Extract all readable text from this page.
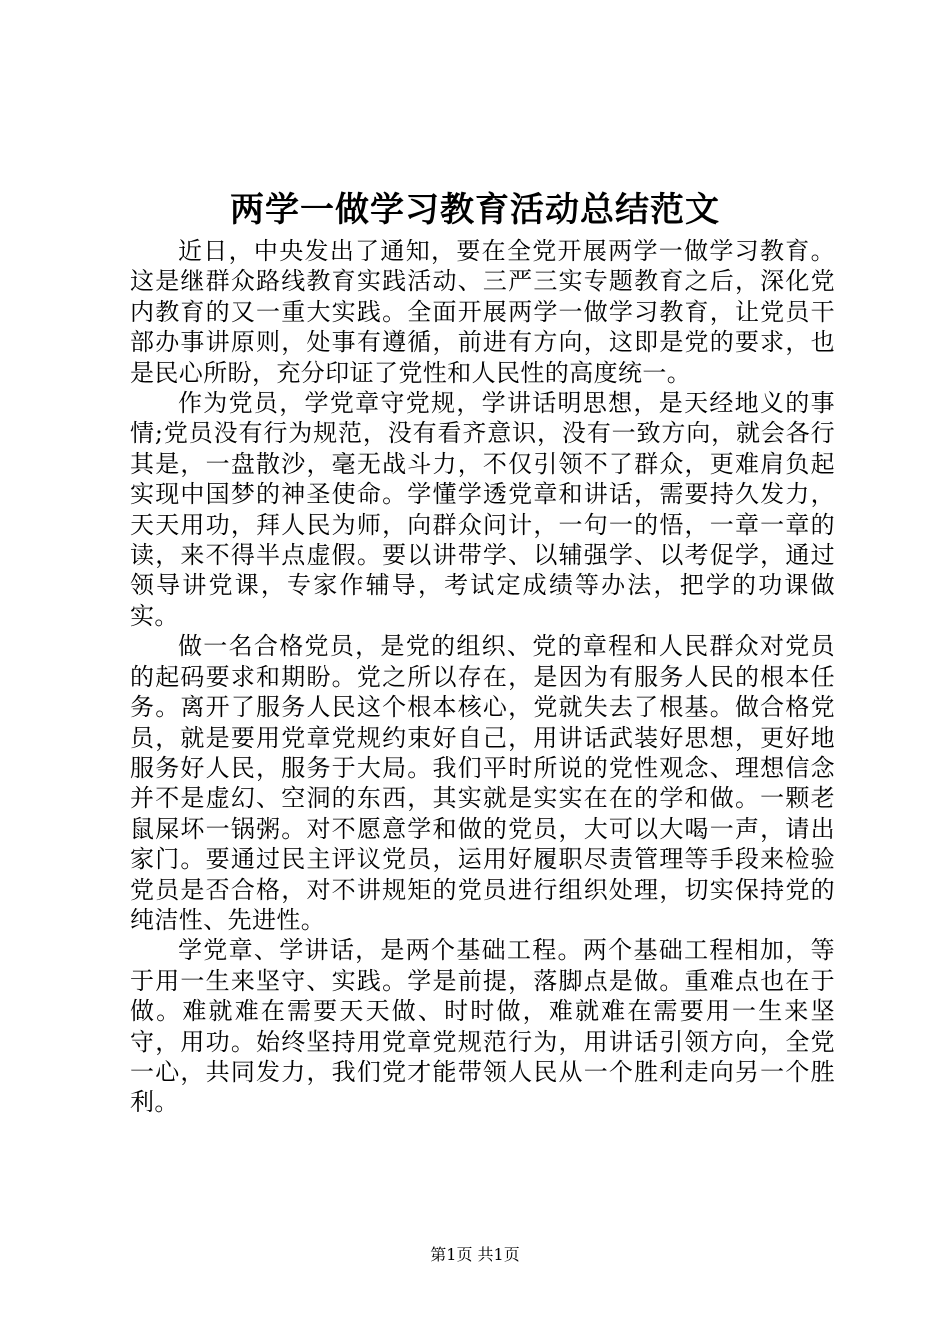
两学一做学习教育活动总结范文

近日，中央发出了通知，要在全党开展两学一做学习教育。这是继群众路线教育实践活动、三严三实专题教育之后，深化党内教育的又一重大实践。全面开展两学一做学习教育，让党员干部办事讲原则，处事有遵循，前进有方向，这即是党的要求，也是民心所盼，充分印证了党性和人民性的高度统一。

作为党员，学党章守党规，学讲话明思想，是天经地义的事情;党员没有行为规范，没有看齐意识，没有一致方向，就会各行其是，一盘散沙，毫无战斗力，不仅引领不了群众，更难肩负起实现中国梦的神圣使命。学懂学透党章和讲话，需要持久发力，天天用功，拜人民为师，向群众问计，一句一的悟，一章一章的读，来不得半点虚假。要以讲带学、以辅强学、以考促学，通过领导讲党课，专家作辅导，考试定成绩等办法，把学的功课做实。

做一名合格党员，是党的组织、党的章程和人民群众对党员的起码要求和期盼。党之所以存在，是因为有服务人民的根本任务。离开了服务人民这个根本核心，党就失去了根基。做合格党员，就是要用党章党规约束好自己，用讲话武装好思想，更好地服务好人民，服务于大局。我们平时所说的党性观念、理想信念并不是虚幻、空洞的东西，其实就是实实在在的学和做。一颗老鼠屎坏一锅粥。对不愿意学和做的党员，大可以大喝一声，请出家门。要通过民主评议党员，运用好履职尽责管理等手段来检验党员是否合格，对不讲规矩的党员进行组织处理，切实保持党的纯洁性、先进性。

学党章、学讲话，是两个基础工程。两个基础工程相加，等于用一生来坚守、实践。学是前提，落脚点是做。重难点也在于做。难就难在需要天天做、时时做，难就难在需要用一生来坚守，用功。始终坚持用党章党规范行为，用讲话引领方向，全党一心，共同发力，我们党才能带领人民从一个胜利走向另一个胜利。

第1页 共1页
